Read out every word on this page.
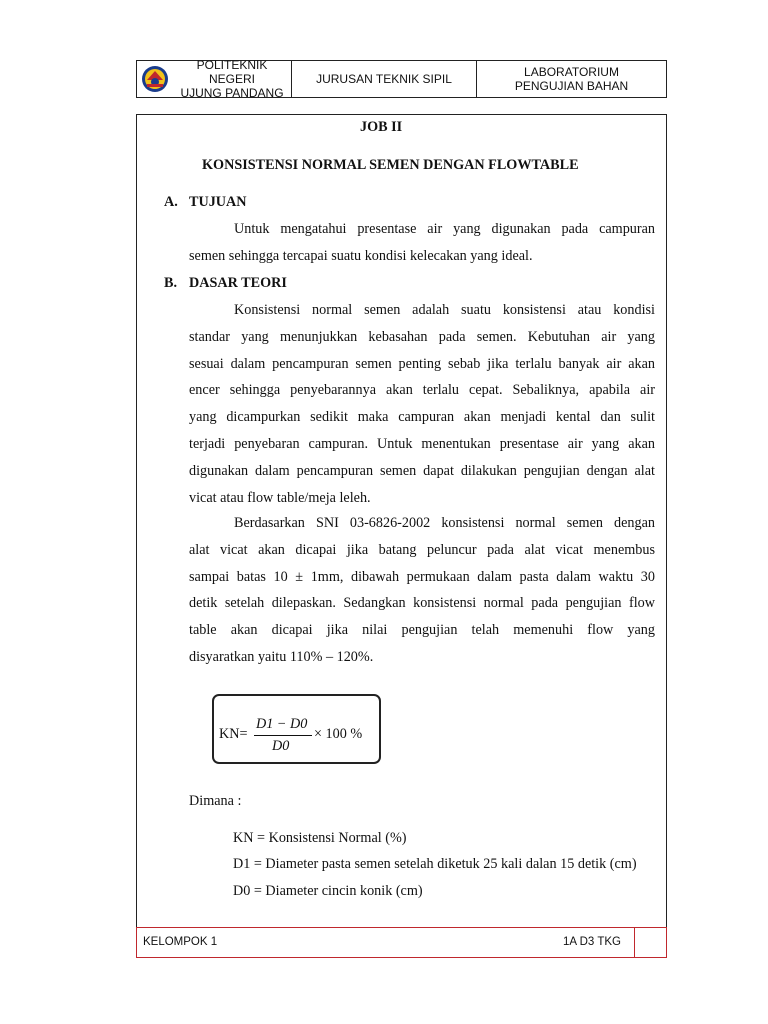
POLITEKNIK NEGERI
UJUNG PANDANG
JURUSAN TEKNIK SIPIL	LABORATORIUM
PENGUJIAN BAHAN
JOB II
KONSISTENSI NORMAL SEMEN DENGAN FLOWTABLE
A. TUJUAN
Untuk mengatahui presentase air yang digunakan pada campuran
semen sehingga tercapai suatu kondisi kelecakan yang ideal.
B. DASAR TEORI
Konsistensi normal semen adalah suatu konsistensi atau kondisi
standar yang menunjukkan kebasahan pada semen. Kebutuhan air yang
sesuai dalam pencampuran semen penting sebab jika terlalu banyak air akan
encer sehingga penyebarannya akan terlalu cepat. Sebaliknya, apabila air
yang dicampurkan sedikit maka campuran akan menjadi kental dan sulit
terjadi penyebaran campuran. Untuk menentukan presentase air yang akan
digunakan dalam pencampuran semen dapat dilakukan pengujian dengan alat
vicat atau flow table/meja leleh.
Berdasarkan SNI 03-6826-2002 konsistensi normal semen dengan
alat vicat akan dicapai jika batang peluncur pada alat vicat menembus
sampai batas 10 ± 1mm, dibawah permukaan dalam pasta dalam waktu 30
detik setelah dilepaskan. Sedangkan konsistensi normal pada pengujian flow
table akan dicapai jika nilai pengujian telah memenuhi flow yang
disyaratkan yaitu 110% – 120%.
KN=
D1 − D0
D0
× 100 %
Dimana :
KN = Konsistensi Normal (%)
D1 = Diameter pasta semen setelah diketuk 25 kali dalan 15 detik (cm)
D0 = Diameter cincin konik (cm)
KELOMPOK 1	1A D3 TKG
